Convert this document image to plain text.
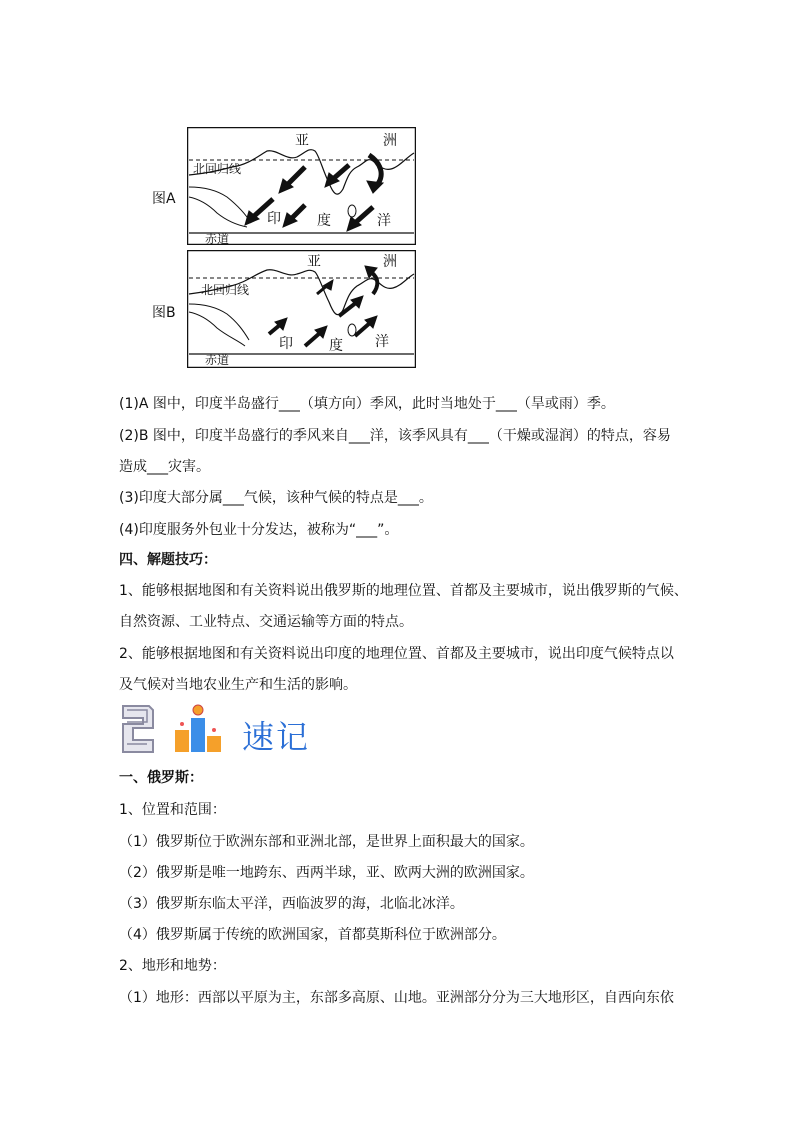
图A
亚	洲
北回归线
赤道
印	度	洋
图B
亚	洲
北回归线
赤道
印	度 洋
(1)A 图中，印度半岛盛行___（填方向）季风，此时当地处于___（旱或雨）季。
(2)B 图中，印度半岛盛行的季风来自___洋，该季风具有___（干燥或湿润）的特点，容易
造成___灾害。
(3)印度大部分属___气候，该种气候的特点是___。
(4)印度服务外包业十分发达，被称为“___”。
四、解题技巧：
1、能够根据地图和有关资料说出俄罗斯的地理位置、首都及主要城市，说出俄罗斯的气候、
自然资源、工业特点、交通运输等方面的特点。
2、能够根据地图和有关资料说出印度的地理位置、首都及主要城市，说出印度气候特点以
及气候对当地农业生产和生活的影响。
速记
一、俄罗斯：
1、位置和范围：
（1）俄罗斯位于欧洲东部和亚洲北部，是世界上面积最大的国家。
（2）俄罗斯是唯一地跨东、西两半球，亚、欧两大洲的欧洲国家。
（3）俄罗斯东临太平洋，西临波罗的海，北临北冰洋。
（4）俄罗斯属于传统的欧洲国家，首都莫斯科位于欧洲部分。
2、地形和地势：
（1）地形：西部以平原为主，东部多高原、山地。亚洲部分分为三大地形区，自西向东依
